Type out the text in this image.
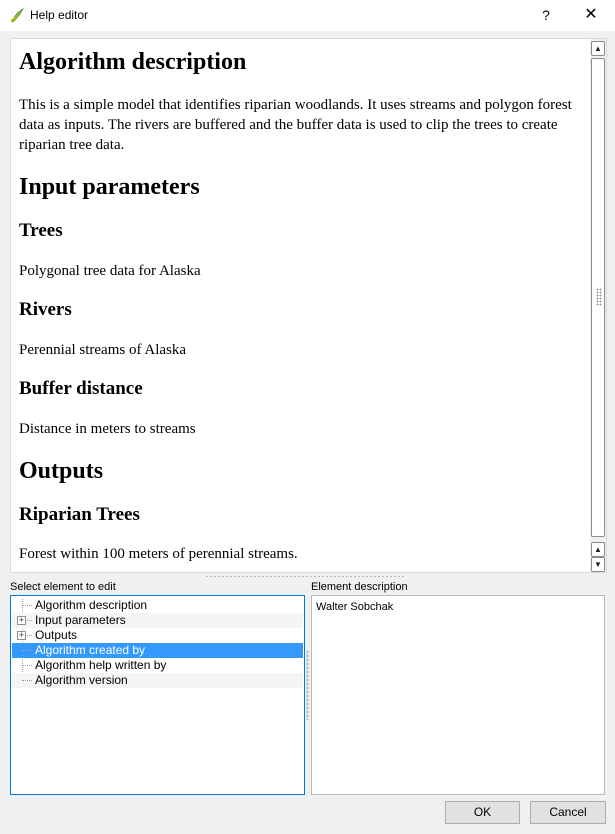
Help editor	?	✕
Algorithm description

This is a simple model that identifies riparian woodlands. It uses streams and polygon forest data as inputs. The rivers are buffered and the buffer data is used to clip the trees to create riparian tree data.

Input parameters
Trees

Polygonal tree data for Alaska

Rivers

Perennial streams of Alaska

Buffer distance

Distance in meters to streams

Outputs
Riparian Trees

Forest within 100 meters of perennial streams.

▲
▲
▼
Select element to edit	Element description
Algorithm description
+ Input parameters
+ Outputs
Algorithm created by
Algorithm help written by
Algorithm version
Walter Sobchak
OK	Cancel
